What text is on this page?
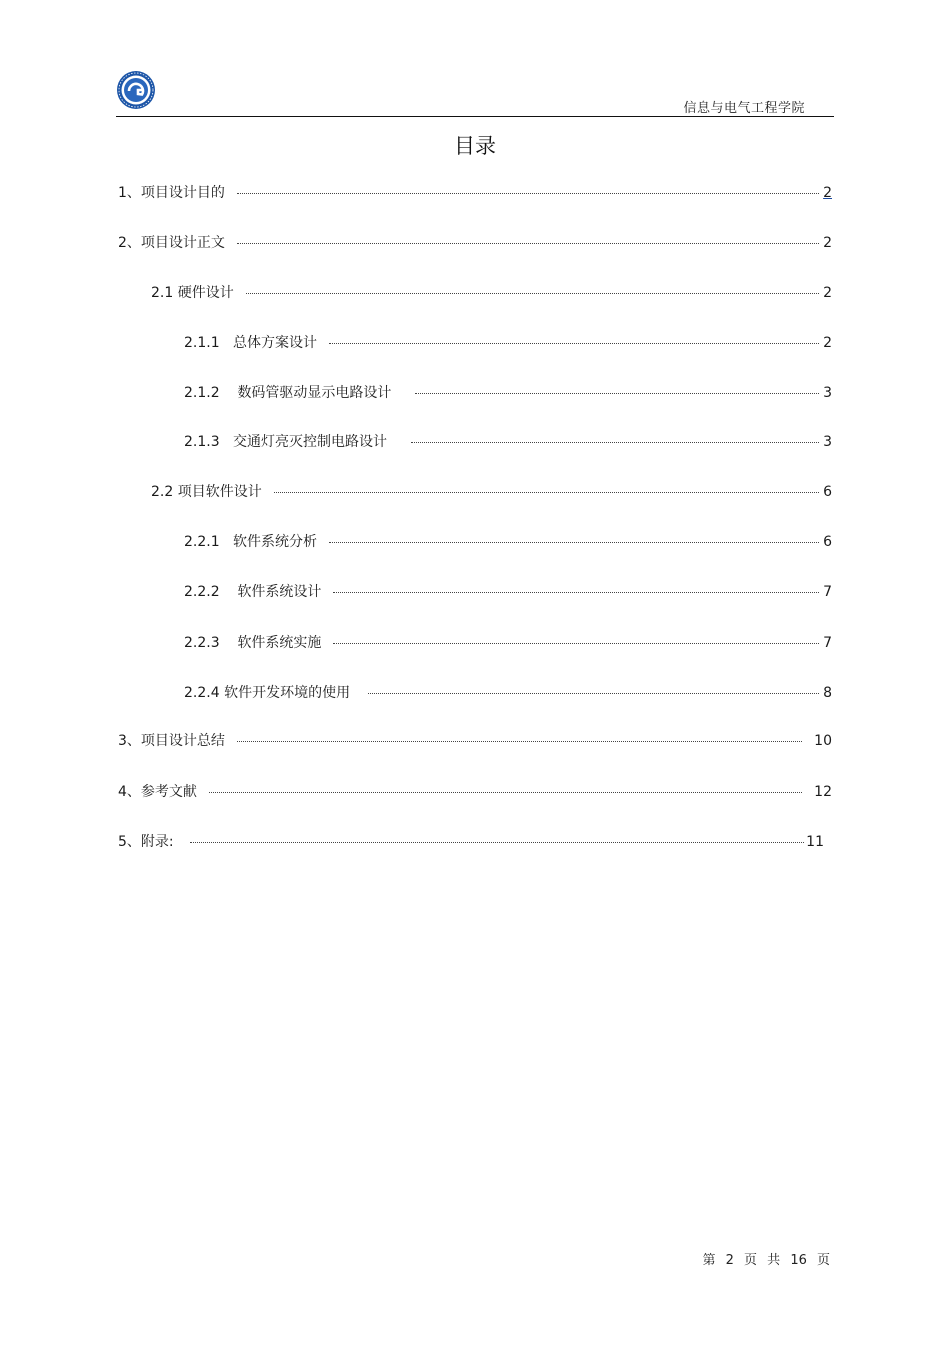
信息与电气工程学院
目录
1、 项目设计目的	2
2、 项目设计正文	2
2.1 硬件设计	2
2.1.1 总体方案设计	2
2.1.2 数码管驱动显示电路设计	3
2.1.3 交通灯亮灭控制电路设计	3
2.2 项目软件设计	6
2.2.1 软件系统分析	6
2.2.2 软件系统设计	7
2.2.3 软件系统实施	7
2.2.4 软件开发环境的使用	8
3、 项目设计总结	10
4、 参考文献	12
5、 附录:	11
第 2 页 共 16 页
